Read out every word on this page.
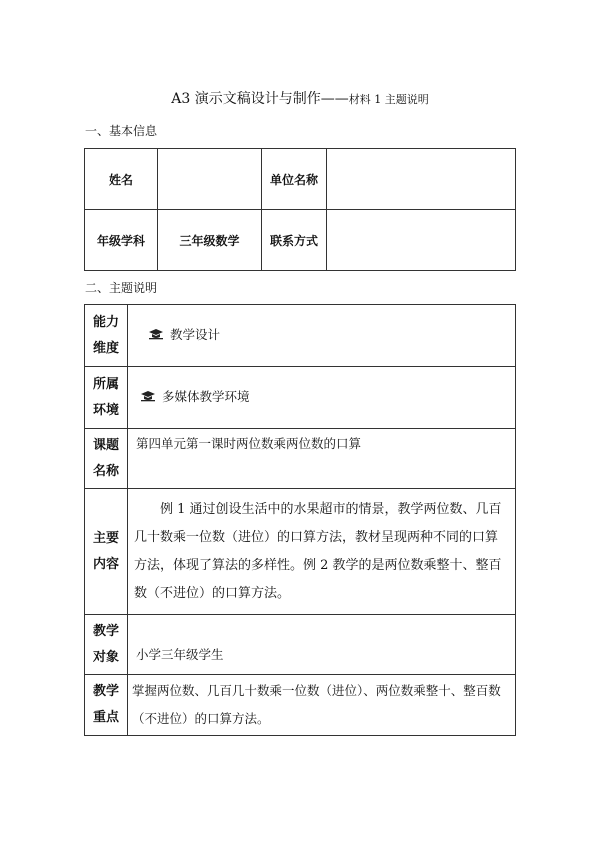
A3 演示文稿设计与制作——材料 1 主题说明
一、基本信息
姓名		单位名称	
年级学科	三年级数学	联系方式	
二、主题说明
能力
维度	教学设计
所属
环境	多媒体教学环境
课题
名称	第四单元第一课时两位数乘两位数的口算
主要
内容	例 1 通过创设生活中的水果超市的情景，教学两位数、几百几十数乘一位数（进位）的口算方法，教材呈现两种不同的口算方法，体现了算法的多样性。例 2 教学的是两位数乘整十、整百数（不进位）的口算方法。
教学
对象	小学三年级学生
教学
重点	掌握两位数、几百几十数乘一位数（进位）、两位数乘整十、整百数（不进位）的口算方法。
